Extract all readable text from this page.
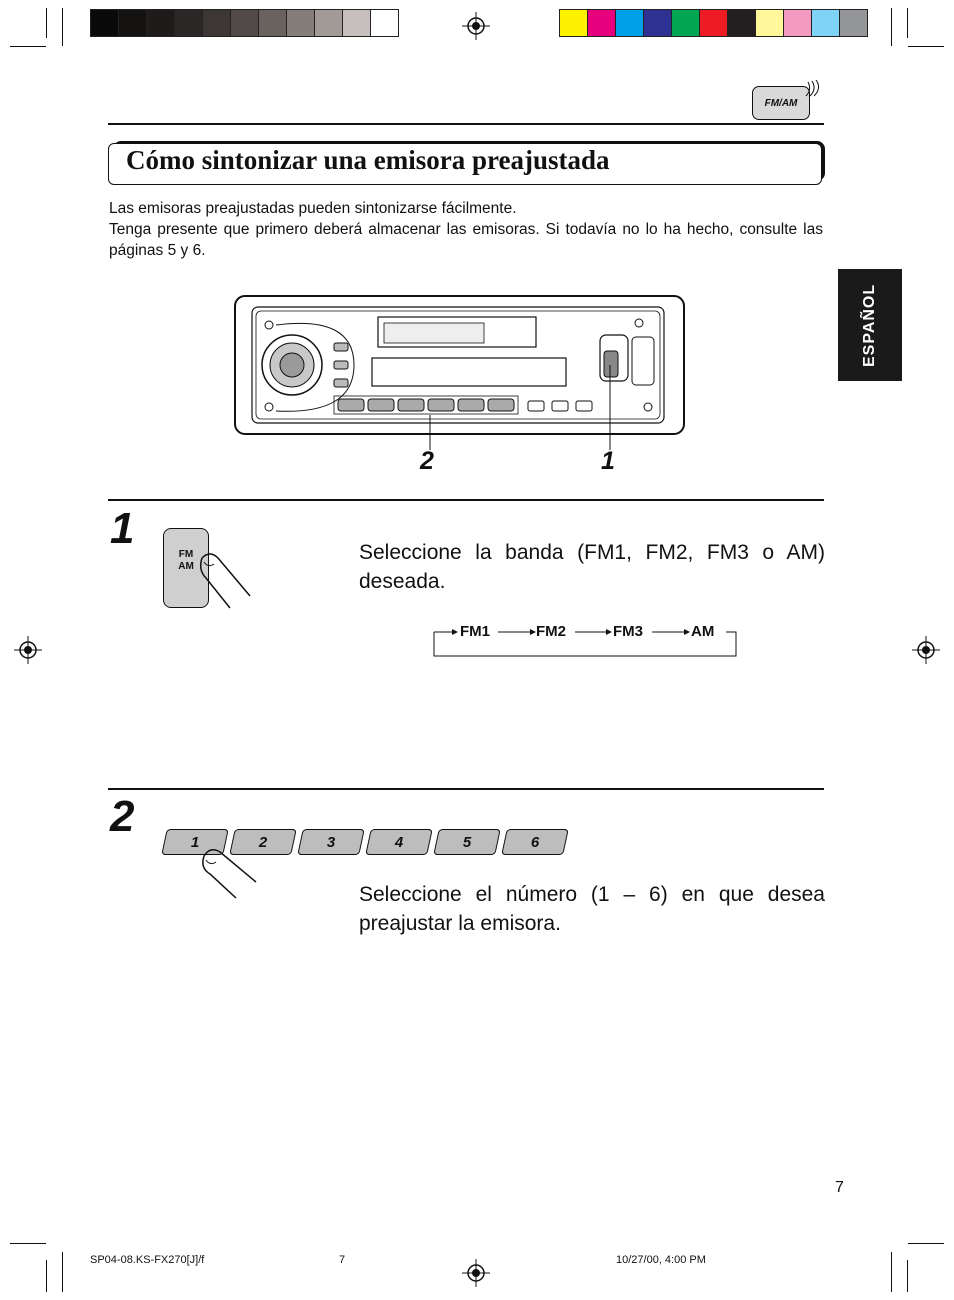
FM/AM
Cómo sintonizar una emisora preajustada
Las emisoras preajustadas pueden sintonizarse fácilmente.
Tenga presente que primero deberá almacenar las emisoras. Si todavía no lo ha hecho, consulte las páginas 5 y 6.
ESPAÑOL
2	1
1
FM
AM
Seleccione la banda (FM1, FM2, FM3 o AM) deseada.
FM1	FM2	FM3	AM
2
1	2	3	4	5	6
Seleccione el número (1 – 6) en que desea preajustar la emisora.
7
SP04-08.KS-FX270[J]/f	7	10/27/00, 4:00 PM
